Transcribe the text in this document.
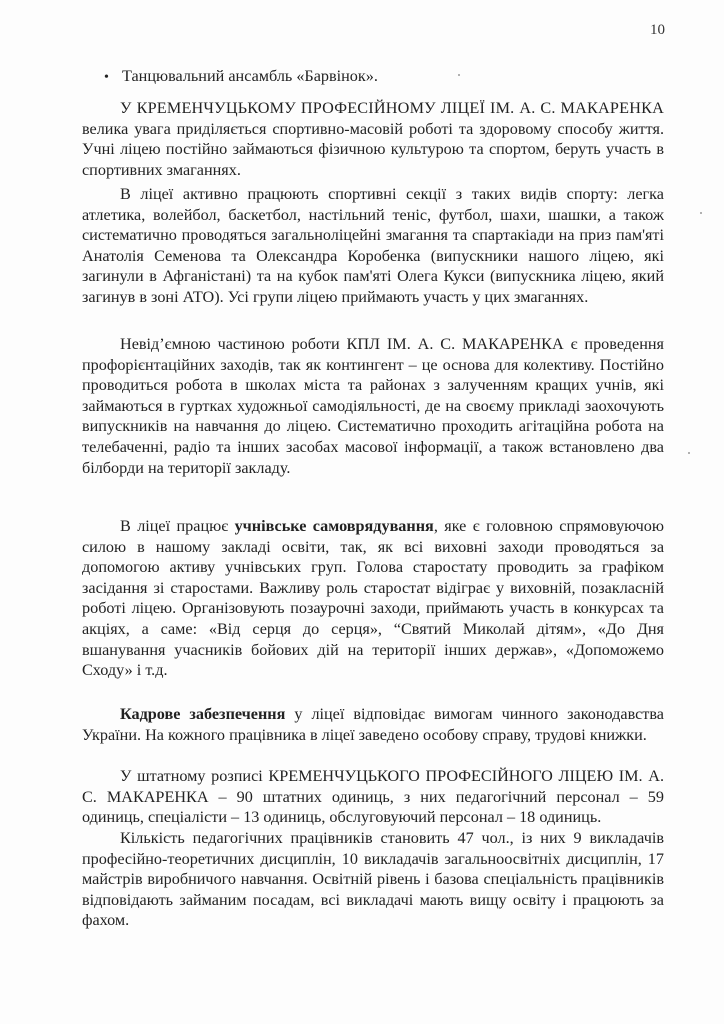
10
• Танцювальний ансамбль «Барвінок».

У КРЕМЕНЧУЦЬКОМУ ПРОФЕСІЙНОМУ ЛІЦЕЇ ІМ. А. С. МАКАРЕНКА велика увага приділяється спортивно-масовій роботі та здоровому способу життя. Учні ліцею постійно займаються фізичною культурою та спортом, беруть участь в спортивних змаганнях.

В ліцеї активно працюють спортивні секції з таких видів спорту: легка атлетика, волейбол, баскетбол, настільний теніс, футбол, шахи, шашки, а також систематично проводяться загальноліцейні змагання та спартакіади на приз пам'яті Анатолія Семенова та Олександра Коробенка (випускники нашого ліцею, які загинули в Афганістані) та на кубок пам'яті Олега Кукси (випускника ліцею, який загинув в зоні АТО). Усі групи ліцею приймають участь у цих змаганнях.

Невід’ємною частиною роботи КПЛ ІМ. А. С. МАКАРЕНКА є проведення профорієнтаційних заходів, так як контингент – це основа для колективу. Постійно проводиться робота в школах міста та районах з залученням кращих учнів, які займаються в гуртках художньої самодіяльності, де на своєму прикладі заохочують випускників на навчання до ліцею. Систематично проходить агітаційна робота на телебаченні, радіо та інших засобах масової інформації, а також встановлено два білборди на території закладу.

В ліцеї працює учнівське самоврядування, яке є головною спрямовуючою силою в нашому закладі освіти, так, як всі виховні заходи проводяться за допомогою активу учнівських груп. Голова старостату проводить за графіком засідання зі старостами. Важливу роль старостат відіграє у виховній, позакласній роботі ліцею. Організовують позаурочні заходи, приймають участь в конкурсах та акціях, а саме: «Від серця до серця», “Святий Миколай дітям», «До Дня вшанування учасників бойових дій на території інших держав», «Допоможемо Сходу» і т.д.

Кадрове забезпечення у ліцеї відповідає вимогам чинного законодавства України. На кожного працівника в ліцеї заведено особову справу, трудові книжки.

У штатному розписі КРЕМЕНЧУЦЬКОГО ПРОФЕСІЙНОГО ЛІЦЕЮ ІМ. А. С. МАКАРЕНКА – 90 штатних одиниць, з них педагогічний персонал – 59 одиниць, спеціалісти – 13 одиниць, обслуговуючий персонал – 18 одиниць.

Кількість педагогічних працівників становить 47 чол., із них 9 викладачів професійно-теоретичних дисциплін, 10 викладачів загальноосвітніх дисциплін, 17 майстрів виробничого навчання. Освітній рівень і базова спеціальність працівників відповідають займаним посадам, всі викладачі мають вищу освіту і працюють за фахом.
